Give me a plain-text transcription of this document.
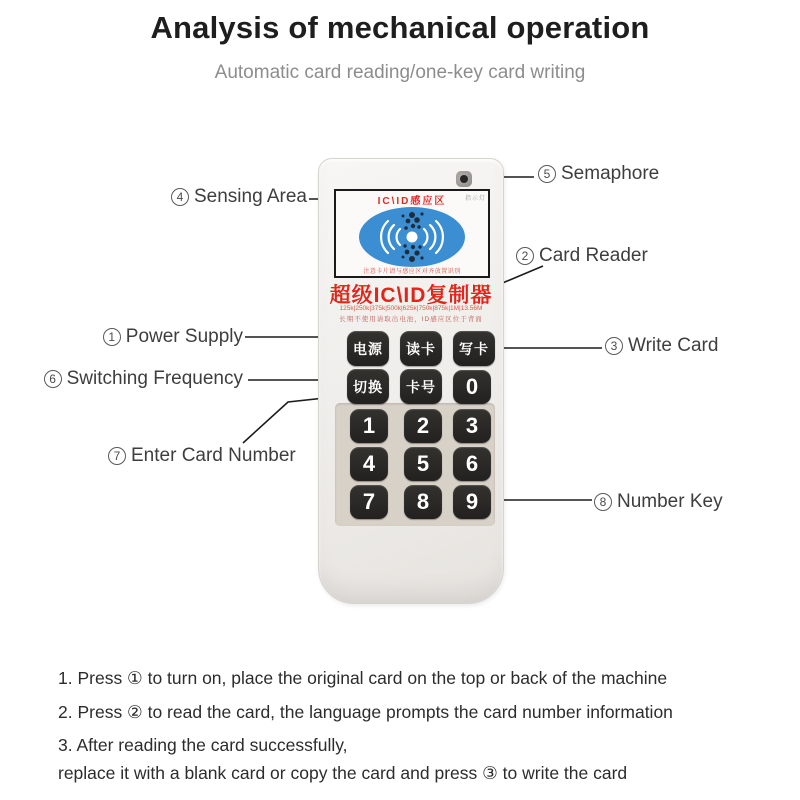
Analysis of mechanical operation
Automatic card reading/one-key card writing
IC\ID感应区	指示灯
注意卡片请与感应区对齐放置识别
超级IC\ID复制器
125k|250k|375k|500k|625k|750k|875k|1M|13.56M
长期不使用请取出电池，ID感应区位于背面
电源	读卡	写卡
切换	卡号	0
1	2	3
4	5	6
7	8	9
4 Sensing Area
5 Semaphore
2 Card Reader
1 Power Supply	3 Write Card
6 Switching Frequency
7 Enter Card Number
8 Number Key
1. Press ① to turn on, place the original card on the top or back of the machine
2. Press ② to read the card, the language prompts the card number information
3. After reading the card successfully,
replace it with a blank card or copy the card and press ③ to write the card
